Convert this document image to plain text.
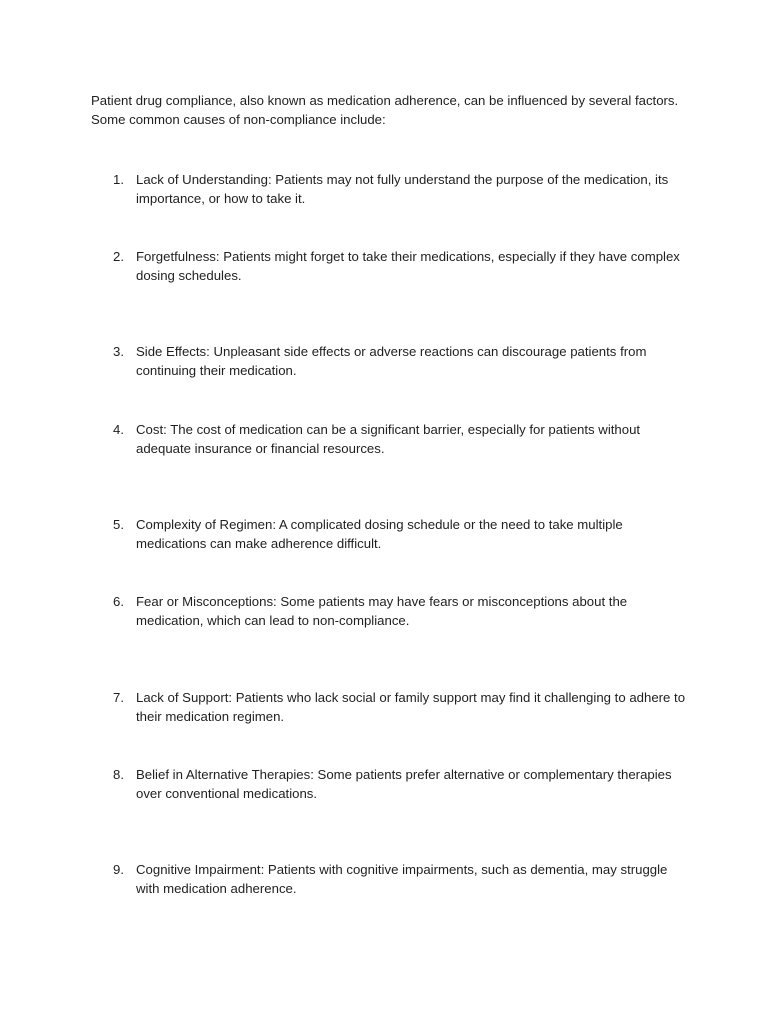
Patient drug compliance, also known as medication adherence, can be influenced by several factors. Some common causes of non-compliance include:

1. Lack of Understanding: Patients may not fully understand the purpose of the medication, its importance, or how to take it.
2. Forgetfulness: Patients might forget to take their medications, especially if they have complex dosing schedules.
3. Side Effects: Unpleasant side effects or adverse reactions can discourage patients from continuing their medication.
4. Cost: The cost of medication can be a significant barrier, especially for patients without adequate insurance or financial resources.
5. Complexity of Regimen: A complicated dosing schedule or the need to take multiple medications can make adherence difficult.
6. Fear or Misconceptions: Some patients may have fears or misconceptions about the medication, which can lead to non-compliance.
7. Lack of Support: Patients who lack social or family support may find it challenging to adhere to their medication regimen.
8. Belief in Alternative Therapies: Some patients prefer alternative or complementary therapies over conventional medications.
9. Cognitive Impairment: Patients with cognitive impairments, such as dementia, may struggle with medication adherence.
